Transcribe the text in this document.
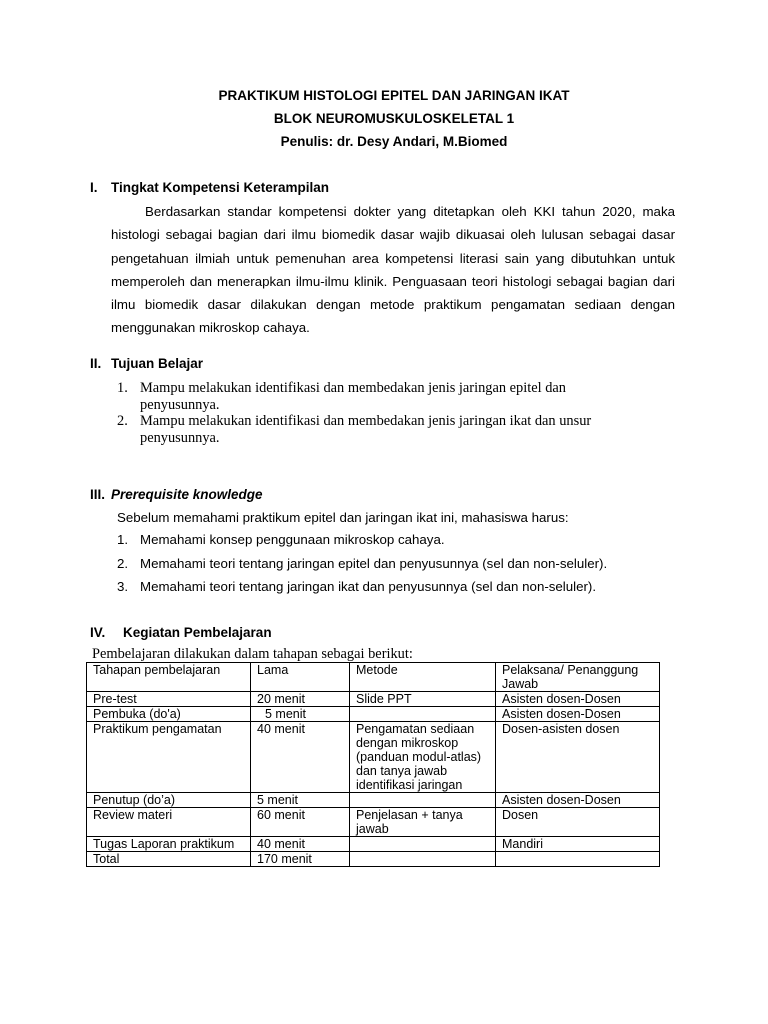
PRAKTIKUM HISTOLOGI EPITEL DAN JARINGAN IKAT
BLOK NEUROMUSKULOSKELETAL 1
Penulis: dr. Desy Andari, M.Biomed
I. Tingkat Kompetensi Keterampilan
Berdasarkan standar kompetensi dokter yang ditetapkan oleh KKI tahun 2020, maka histologi sebagai bagian dari ilmu biomedik dasar wajib dikuasai oleh lulusan sebagai dasar pengetahuan ilmiah untuk pemenuhan area kompetensi literasi sain yang dibutuhkan untuk memperoleh dan menerapkan ilmu-ilmu klinik. Penguasaan teori histologi sebagai bagian dari ilmu biomedik dasar dilakukan dengan metode praktikum pengamatan sediaan dengan menggunakan mikroskop cahaya.
II. Tujuan Belajar
1. Mampu melakukan identifikasi dan membedakan jenis jaringan epitel dan penyusunnya.
2. Mampu melakukan identifikasi dan membedakan jenis jaringan ikat dan unsur penyusunnya.
III. Prerequisite knowledge
Sebelum memahami praktikum epitel dan jaringan ikat ini, mahasiswa harus:
1. Memahami konsep penggunaan mikroskop cahaya.
2. Memahami teori tentang jaringan epitel dan penyusunnya (sel dan non-seluler).
3. Memahami teori tentang jaringan ikat dan penyusunnya (sel dan non-seluler).
IV. Kegiatan Pembelajaran
Pembelajaran dilakukan dalam tahapan sebagai berikut:
Tahapan pembelajaran	Lama	Metode	Pelaksana/ Penanggung Jawab
Pre-test	20 menit	Slide PPT	Asisten dosen-Dosen
Pembuka (do'a)	5 menit		Asisten dosen-Dosen
Praktikum pengamatan	40 menit	Pengamatan sediaan dengan mikroskop (panduan modul-atlas) dan tanya jawab identifikasi jaringan	Dosen-asisten dosen
Penutup (do’a)	5 menit		Asisten dosen-Dosen
Review materi	60 menit	Penjelasan + tanya jawab	Dosen
Tugas Laporan praktikum	40 menit		Mandiri
Total	170 menit		
